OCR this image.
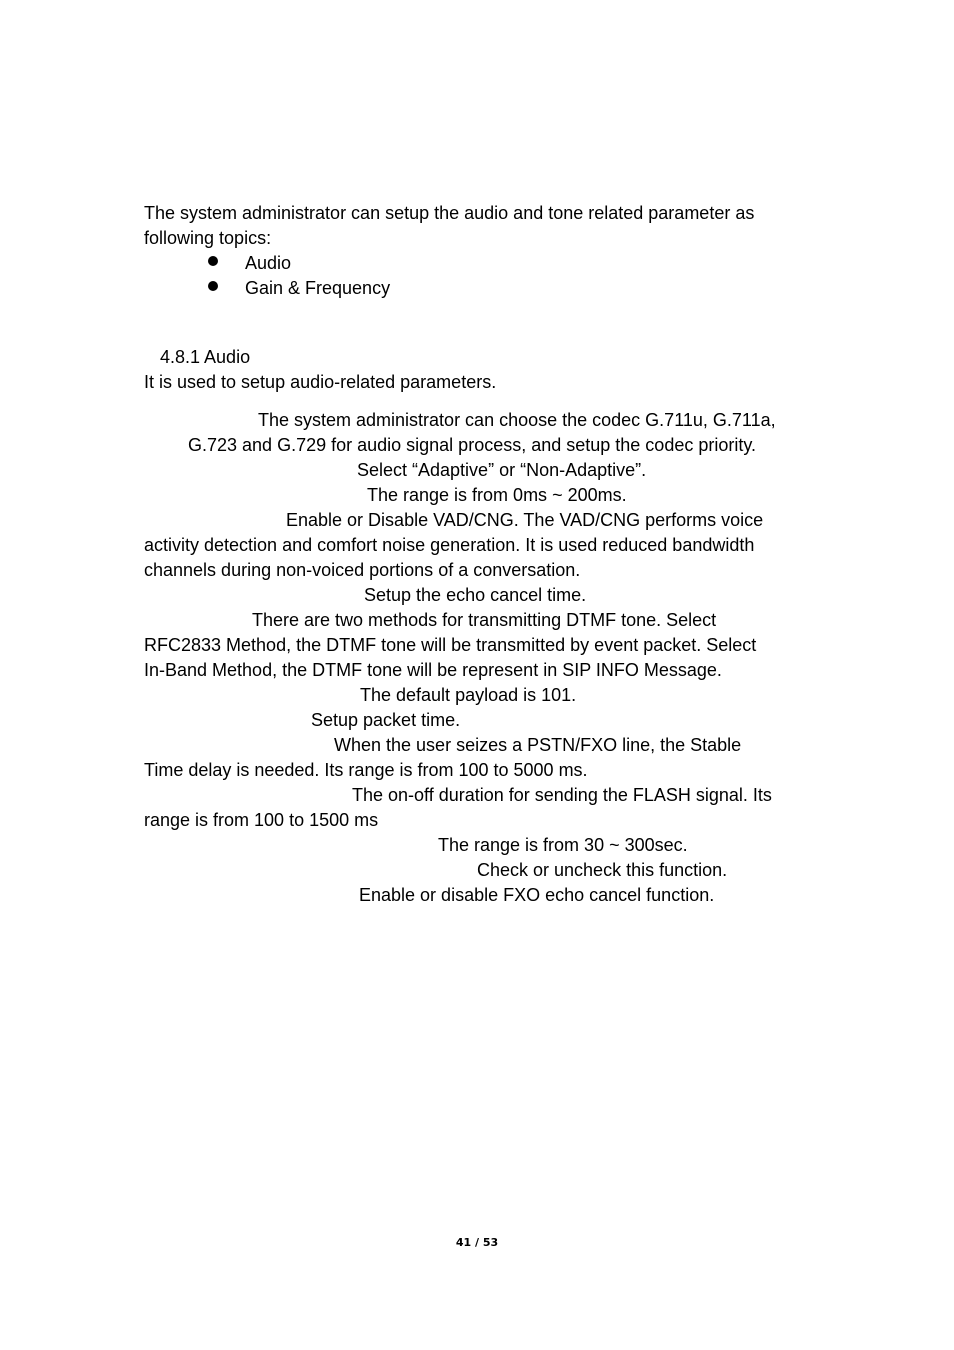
The system administrator can setup the audio and tone related parameter as

following topics:

Audio

Gain & Frequency

4.8.1 Audio

It is used to setup audio-related parameters.

The system administrator can choose the codec G.711u, G.711a,

G.723 and G.729 for audio signal process, and setup the codec priority.

Select “Adaptive” or “Non-Adaptive”.

The range is from 0ms ~ 200ms.

Enable or Disable VAD/CNG. The VAD/CNG performs voice

activity detection and comfort noise generation. It is used reduced bandwidth

channels during non-voiced portions of a conversation.

Setup the echo cancel time.

There are two methods for transmitting DTMF tone. Select

RFC2833 Method, the DTMF tone will be transmitted by event packet. Select

In-Band Method, the DTMF tone will be represent in SIP INFO Message.

The default payload is 101.

Setup packet time.

When the user seizes a PSTN/FXO line, the Stable

Time delay is needed. Its range is from 100 to 5000 ms.

The on-off duration for sending the FLASH signal. Its

range is from 100 to 1500 ms

The range is from 30 ~ 300sec.

Check or uncheck this function.

Enable or disable FXO echo cancel function.

41 / 53
